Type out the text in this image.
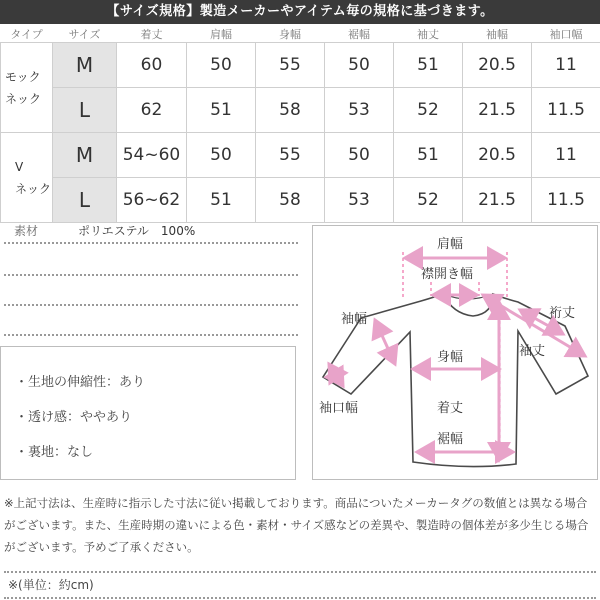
【サイズ規格】製造メーカーやアイテム毎の規格に基づきます。
タイプ	サイズ	着丈	肩幅	身幅	裾幅	袖丈	袖幅	袖口幅
モック
ネック	M	60	50	55	50	51	20.5	11
	L	62	51	58	53	52	21.5	11.5
V
ネック	M	54~60	50	55	50	51	20.5	11
	L	56~62	51	58	53	52	21.5	11.5
素材	ポリエステル　100%
・生地の伸縮性：あり
・透け感：ややあり
・裏地：なし
肩幅
襟開き幅
裄丈
袖丈
袖幅
身幅
着丈
裾幅
袖口幅
※上記寸法は、生産時に指示した寸法に従い掲載しております。商品についたメーカータグの数値とは異なる場合がございます。また、生産時期の違いによる色・素材・サイズ感などの差異や、製造時の個体差が多少生じる場合がございます。予めご了承ください。
※(単位：約cm)
